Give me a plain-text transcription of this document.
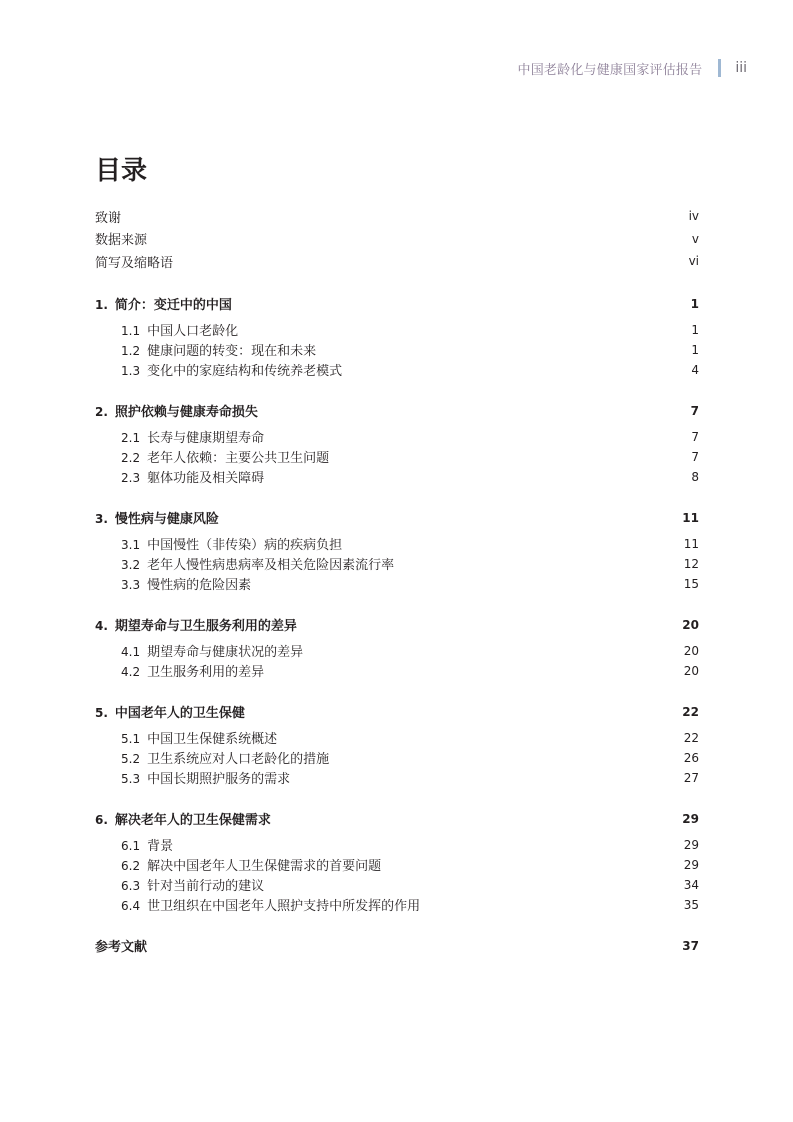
中国老龄化与健康国家评估报告 iii
目录
致谢	iv
数据来源	v
简写及缩略语	vi
1. 简介：变迁中的中国	1
1.1 中国人口老龄化	1
1.2 健康问题的转变：现在和未来	1
1.3 变化中的家庭结构和传统养老模式	4
2. 照护依赖与健康寿命损失	7
2.1 长寿与健康期望寿命	7
2.2 老年人依赖：主要公共卫生问题	7
2.3 躯体功能及相关障碍	8
3. 慢性病与健康风险	11
3.1 中国慢性（非传染）病的疾病负担	11
3.2 老年人慢性病患病率及相关危险因素流行率	12
3.3 慢性病的危险因素	15
4. 期望寿命与卫生服务利用的差异	20
4.1 期望寿命与健康状况的差异	20
4.2 卫生服务利用的差异	20
5. 中国老年人的卫生保健	22
5.1 中国卫生保健系统概述	22
5.2 卫生系统应对人口老龄化的措施	26
5.3 中国长期照护服务的需求	27
6. 解决老年人的卫生保健需求	29
6.1 背景	29
6.2 解决中国老年人卫生保健需求的首要问题	29
6.3 针对当前行动的建议	34
6.4 世卫组织在中国老年人照护支持中所发挥的作用	35
参考文献	37
